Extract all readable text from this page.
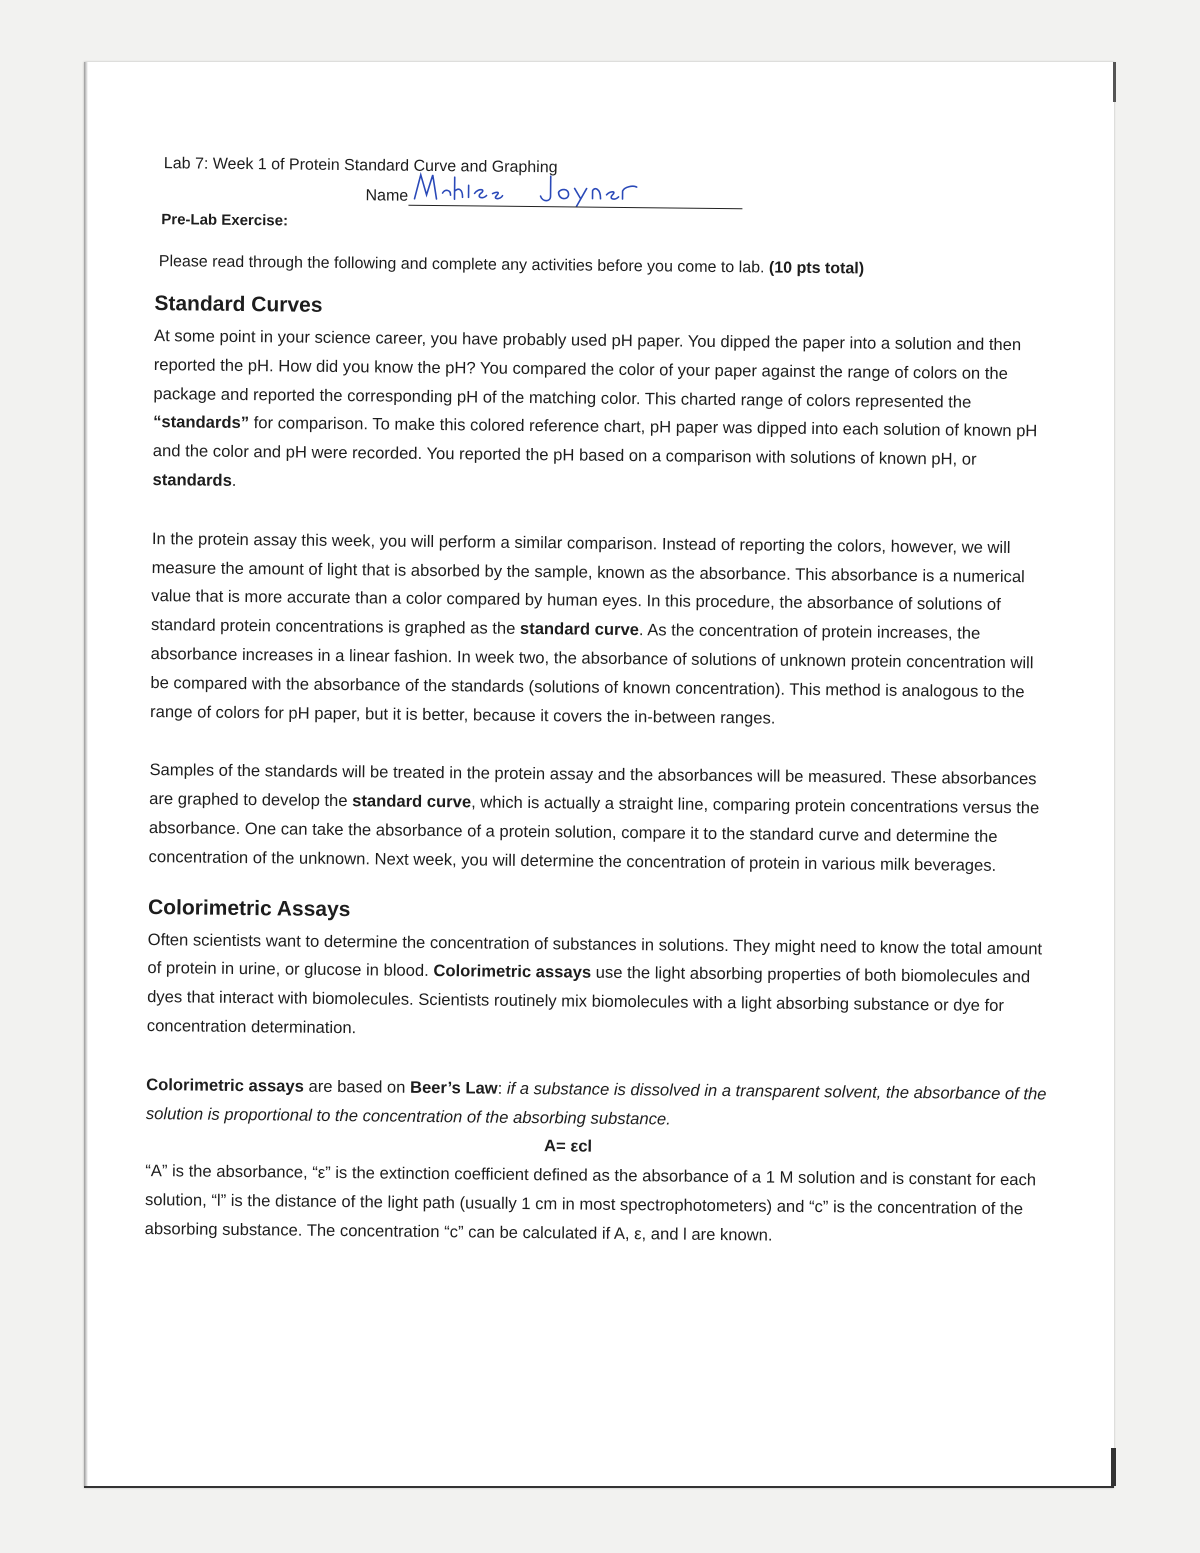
Lab 7: Week 1 of Protein Standard Curve and Graphing

Name

Pre-Lab Exercise:

Please read through the following and complete any activities before you come to lab. (10 pts total)

Standard Curves

At some point in your science career, you have probably used pH paper. You dipped the paper into a solution and then reported the pH. How did you know the pH? You compared the color of your paper against the range of colors on the package and reported the corresponding pH of the matching color. This charted range of colors represented the “standards” for comparison. To make this colored reference chart, pH paper was dipped into each solution of known pH and the color and pH were recorded. You reported the pH based on a comparison with solutions of known pH, or standards.

In the protein assay this week, you will perform a similar comparison. Instead of reporting the colors, however, we will measure the amount of light that is absorbed by the sample, known as the absorbance. This absorbance is a numerical value that is more accurate than a color compared by human eyes. In this procedure, the absorbance of solutions of standard protein concentrations is graphed as the standard curve. As the concentration of protein increases, the absorbance increases in a linear fashion. In week two, the absorbance of solutions of unknown protein concentration will be compared with the absorbance of the standards (solutions of known concentration). This method is analogous to the range of colors for pH paper, but it is better, because it covers the in-between ranges.

Samples of the standards will be treated in the protein assay and the absorbances will be measured. These absorbances are graphed to develop the standard curve, which is actually a straight line, comparing protein concentrations versus the absorbance. One can take the absorbance of a protein solution, compare it to the standard curve and determine the concentration of the unknown. Next week, you will determine the concentration of protein in various milk beverages.

Colorimetric Assays

Often scientists want to determine the concentration of substances in solutions. They might need to know the total amount of protein in urine, or glucose in blood. Colorimetric assays use the light absorbing properties of both biomolecules and dyes that interact with biomolecules. Scientists routinely mix biomolecules with a light absorbing substance or dye for concentration determination.

Colorimetric assays are based on Beer’s Law: if a substance is dissolved in a transparent solvent, the absorbance of the solution is proportional to the concentration of the absorbing substance.

A= εcl

“A” is the absorbance, “ε” is the extinction coefficient defined as the absorbance of a 1 M solution and is constant for each solution, “l” is the distance of the light path (usually 1 cm in most spectrophotometers) and “c” is the concentration of the absorbing substance. The concentration “c” can be calculated if A, ε, and l are known.
